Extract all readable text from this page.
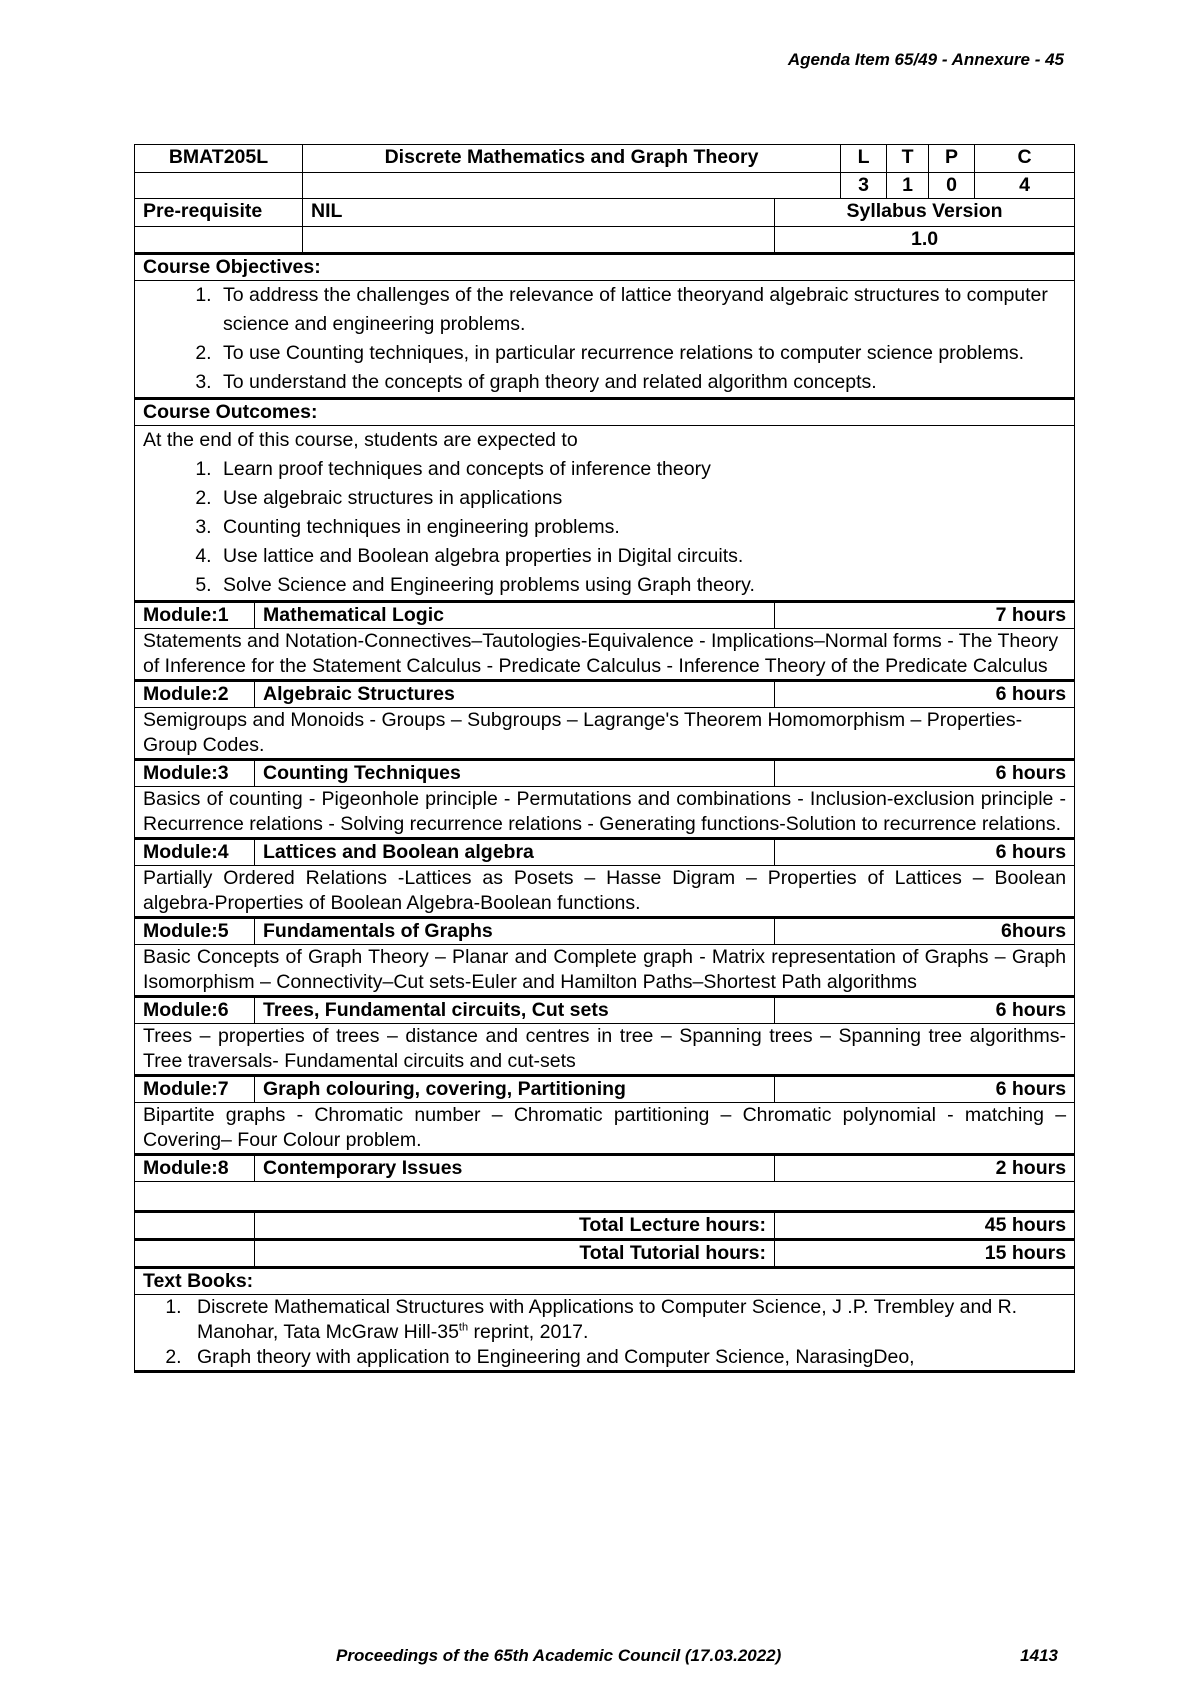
Agenda Item 65/49 - Annexure - 45
BMAT205L		Discrete Mathematics and Graph Theory		L	T	P	C
				3	1	0	4
Pre-requisite		NIL	Syllabus Version				
			1.0				
Course Objectives:							

1. To address the challenges of the relevance of lattice theoryand algebraic structures to computer science and engineering problems.
2. To use Counting techniques, in particular recurrence relations to computer science problems.
3. To understand the concepts of graph theory and related algorithm concepts.

Course Outcomes:							

At the end of this course, students are expected to
1. Learn proof techniques and concepts of inference theory
2. Use algebraic structures in applications
3. Counting techniques in engineering problems.
4. Use lattice and Boolean algebra properties in Digital circuits.
5. Solve Science and Engineering problems using Graph theory.

Module:1	Mathematical Logic		7 hours				
Statements and Notation-Connectives–Tautologies-Equivalence - Implications–Normal forms - The Theory of Inference for the Statement Calculus - Predicate Calculus - Inference Theory of the Predicate Calculus							
Module:2	Algebraic Structures		6 hours				
Semigroups and Monoids - Groups – Subgroups – Lagrange's Theorem Homomorphism – Properties-Group Codes.							
Module:3	Counting Techniques		6 hours				
Basics of counting - Pigeonhole principle - Permutations and combinations - Inclusion-exclusion principle - Recurrence relations - Solving recurrence relations - Generating functions-Solution to recurrence relations.							
Module:4	Lattices and Boolean algebra		6 hours				
Partially Ordered Relations -Lattices as Posets – Hasse Digram – Properties of Lattices – Boolean algebra-Properties of Boolean Algebra-Boolean functions.							
Module:5	Fundamentals of Graphs		6hours				
Basic Concepts of Graph Theory – Planar and Complete graph - Matrix representation of Graphs – Graph Isomorphism – Connectivity–Cut sets-Euler and Hamilton Paths–Shortest Path algorithms							
Module:6	Trees, Fundamental circuits, Cut sets		6 hours				
Trees – properties of trees – distance and centres in tree – Spanning trees – Spanning tree algorithms- Tree traversals- Fundamental circuits and cut-sets							
Module:7	Graph colouring, covering, Partitioning		6 hours				
Bipartite graphs - Chromatic number – Chromatic partitioning – Chromatic polynomial - matching – Covering– Four Colour problem.							
Module:8	Contemporary Issues		2 hours				

	Total Lecture hours:		45 hours				
	Total Tutorial hours:		15 hours				
Text Books:							

1. Discrete Mathematical Structures with Applications to Computer Science, J .P. Trembley and R. Manohar, Tata McGraw Hill-35th reprint, 2017.
2. Graph theory with application to Engineering and Computer Science, NarasingDeo,
Proceedings of the 65th Academic Council (17.03.2022)	1413
